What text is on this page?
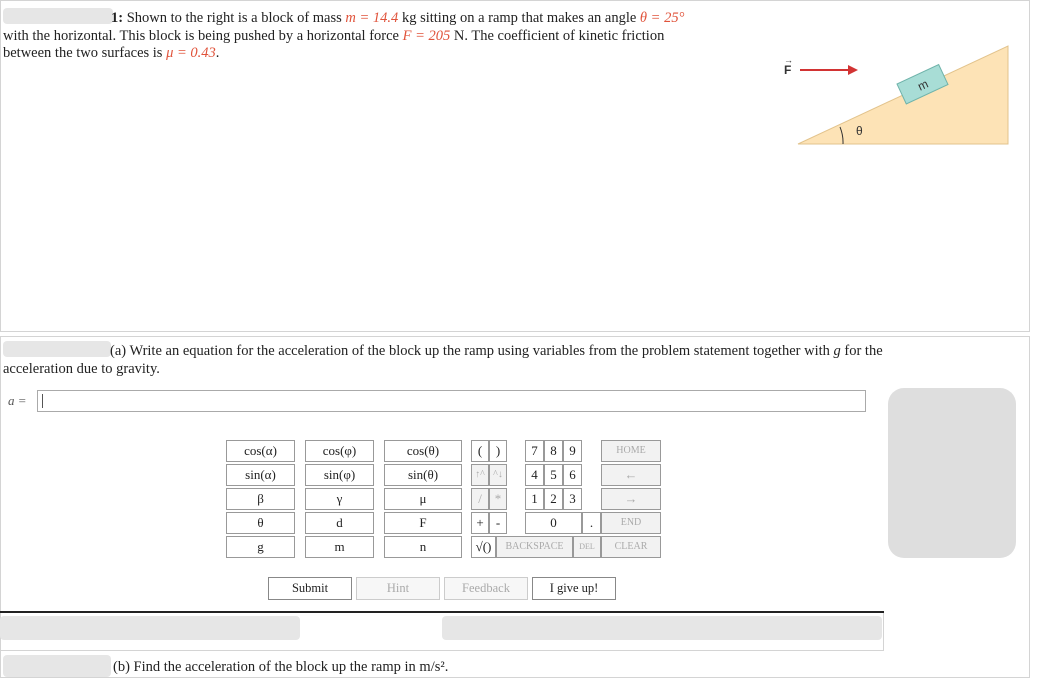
1: Shown to the right is a block of mass m = 14.4 kg sitting on a ramp that makes an angle θ = 25°
with the horizontal. This block is being pushed by a horizontal force F = 205 N. The coefficient of kinetic friction
between the two surfaces is μ = 0.43.
m
F
→
θ
(a) Write an equation for the acceleration of the block up the ramp using variables from the problem statement together with g for the
acceleration due to gravity.
a =
cos(α)	cos(φ)	cos(θ)
sin(α)	sin(φ)	sin(θ)
β	γ	μ
θ	d	F
g	m	n
(	)
↑^ ^↓
/ *
+ -
√()
7 8 9
4 5 6
1 2 3
0	.
HOME
←
→
END
BACKSPACE	DEL	CLEAR
Submit	Hint	Feedback	I give up!
(b) Find the acceleration of the block up the ramp in m/s².
